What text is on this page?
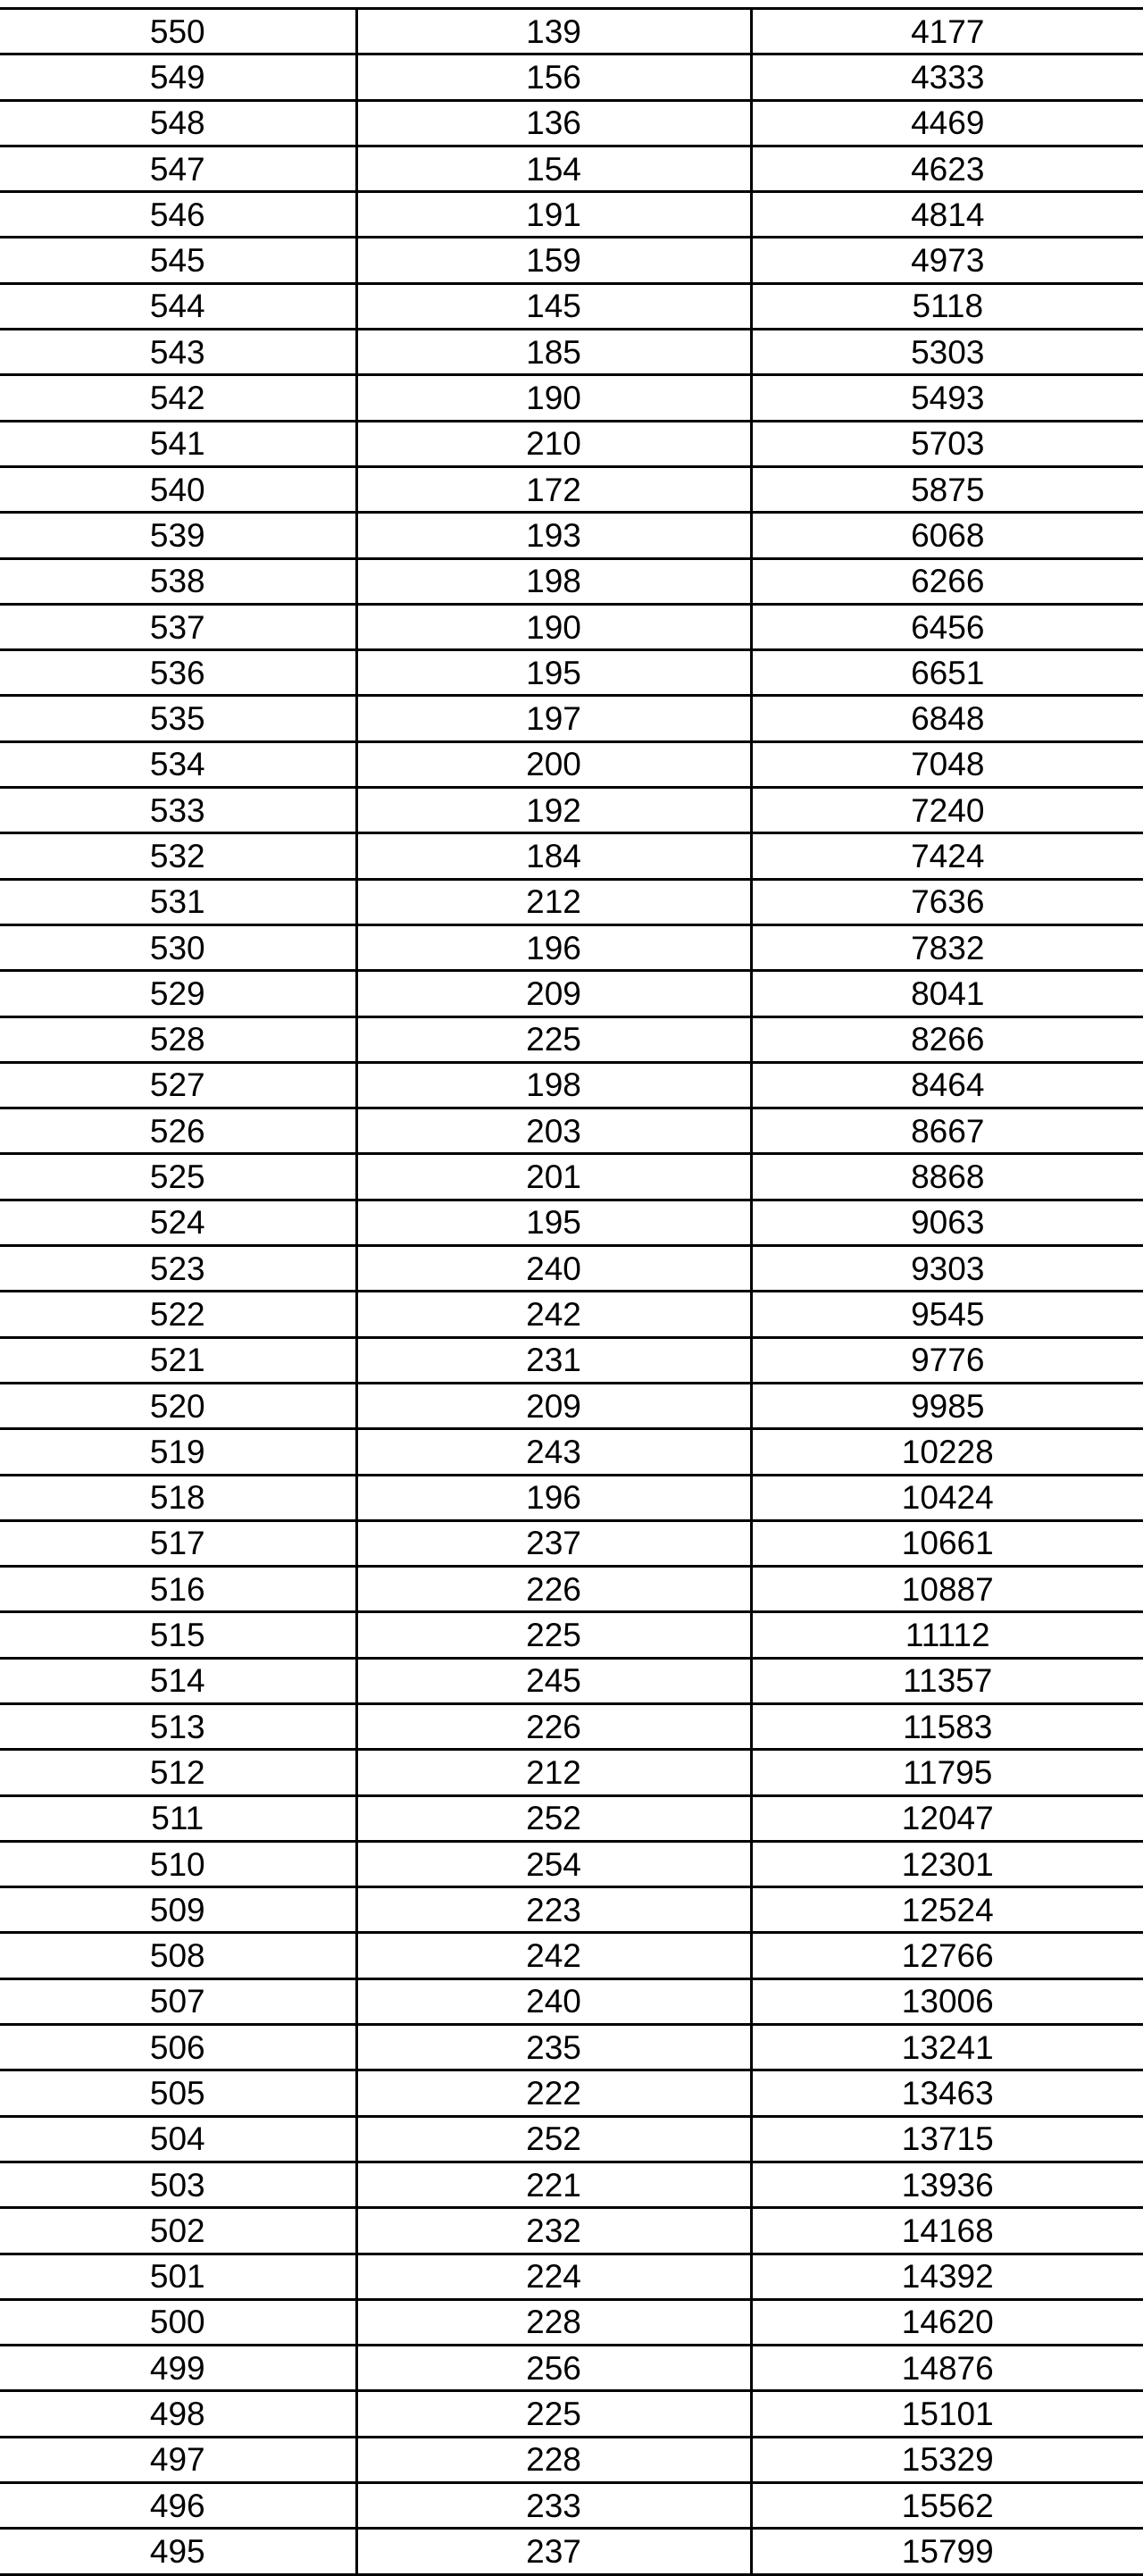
550	139	4177
549	156	4333
548	136	4469
547	154	4623
546	191	4814
545	159	4973
544	145	5118
543	185	5303
542	190	5493
541	210	5703
540	172	5875
539	193	6068
538	198	6266
537	190	6456
536	195	6651
535	197	6848
534	200	7048
533	192	7240
532	184	7424
531	212	7636
530	196	7832
529	209	8041
528	225	8266
527	198	8464
526	203	8667
525	201	8868
524	195	9063
523	240	9303
522	242	9545
521	231	9776
520	209	9985
519	243	10228
518	196	10424
517	237	10661
516	226	10887
515	225	11112
514	245	11357
513	226	11583
512	212	11795
511	252	12047
510	254	12301
509	223	12524
508	242	12766
507	240	13006
506	235	13241
505	222	13463
504	252	13715
503	221	13936
502	232	14168
501	224	14392
500	228	14620
499	256	14876
498	225	15101
497	228	15329
496	233	15562
495	237	15799
